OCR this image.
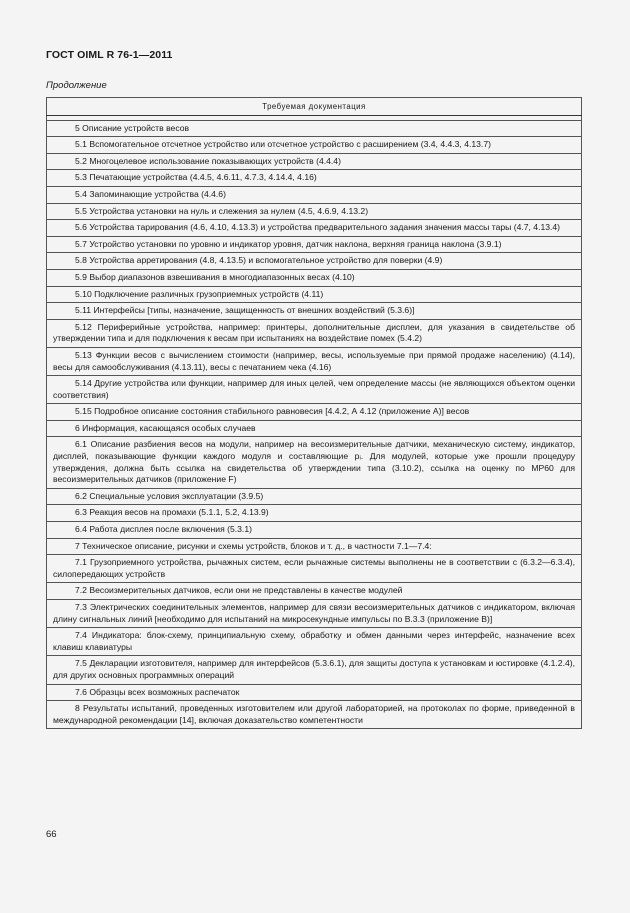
ГОСТ OIML R 76-1—2011
Продолжение
Требуемая документация

5 Описание устройств весов
5.1 Вспомогательное отсчетное устройство или отсчетное устройство с расширением (3.4, 4.4.3, 4.13.7)
5.2 Многоцелевое использование показывающих устройств (4.4.4)
5.3 Печатающие устройства (4.4.5, 4.6.11, 4.7.3, 4.14.4, 4.16)
5.4 Запоминающие устройства (4.4.6)
5.5 Устройства установки на нуль и слежения за нулем (4.5, 4.6.9, 4.13.2)
5.6 Устройства тарирования (4.6, 4.10, 4.13.3) и устройства предварительного задания значения массы тары (4.7, 4.13.4)
5.7 Устройство установки по уровню и индикатор уровня, датчик наклона, верхняя граница наклона (3.9.1)
5.8 Устройства арретирования (4.8, 4.13.5) и вспомогательное устройство для поверки (4.9)
5.9 Выбор диапазонов взвешивания в многодиапазонных весах (4.10)
5.10 Подключение различных грузоприемных устройств (4.11)
5.11 Интерфейсы [типы, назначение, защищенность от внешних воздействий (5.3.6)]
5.12 Периферийные устройства, например: принтеры, дополнительные дисплеи, для указания в свидетельстве об утверждении типа и для подключения к весам при испытаниях на воздействие помех (5.4.2)
5.13 Функции весов с вычислением стоимости (например, весы, используемые при прямой продаже населению) (4.14), весы для самообслуживания (4.13.11), весы с печатанием чека (4.16)
5.14 Другие устройства или функции, например для иных целей, чем определение массы (не являющихся объектом оценки соответствия)
5.15 Подробное описание состояния стабильного равновесия [4.4.2, А 4.12 (приложение А)] весов
6 Информация, касающаяся особых случаев
6.1 Описание разбиения весов на модули, например на весоизмерительные датчики, механическую систему, индикатор, дисплей, показывающие функции каждого модуля и составляющие pᵢ. Для модулей, которые уже прошли процедуру утверждения, должна быть ссылка на свидетельства об утверждении типа (3.10.2), ссылка на оценку по МР60 для весоизмерительных датчиков (приложение F)
6.2 Специальные условия эксплуатации (3.9.5)
6.3 Реакция весов на промахи (5.1.1, 5.2, 4.13.9)
6.4 Работа дисплея после включения (5.3.1)
7 Техническое описание, рисунки и схемы устройств, блоков и т. д., в частности 7.1—7.4:
7.1 Грузоприемного устройства, рычажных систем, если рычажные системы выполнены не в соответствии с (6.3.2—6.3.4), силопередающих устройств
7.2 Весоизмерительных датчиков, если они не представлены в качестве модулей
7.3 Электрических соединительных элементов, например для связи весоизмерительных датчиков с индикатором, включая длину сигнальных линий [необходимо для испытаний на микросекундные импульсы по В.3.3 (приложение В)]
7.4 Индикатора: блок-схему, принципиальную схему, обработку и обмен данными через интерфейс, назначение всех клавиш клавиатуры
7.5 Декларации изготовителя, например для интерфейсов (5.3.6.1), для защиты доступа к установкам и юстировке (4.1.2.4), для других основных программных операций
7.6 Образцы всех возможных распечаток
8 Результаты испытаний, проведенных изготовителем или другой лабораторией, на протоколах по форме, приведенной в международной рекомендации [14], включая доказательство компетентности
66
